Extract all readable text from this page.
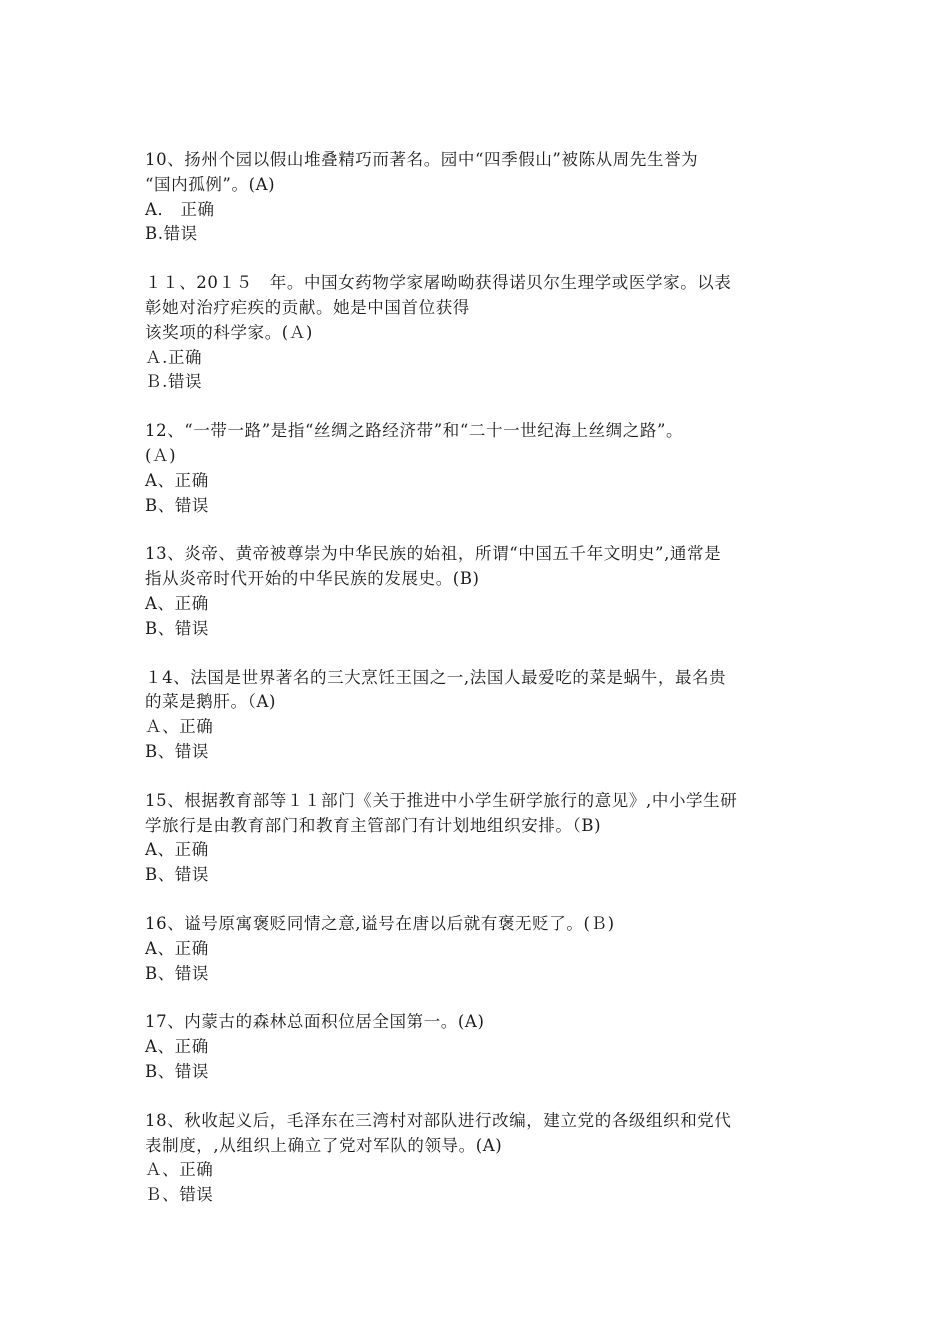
10、扬州个园以假山堆叠精巧而著名。园中“四季假山”被陈从周先生誉为
“国内孤例”。(A)
A． 正确
B.错误
１１、20１５　年。中国女药物学家屠呦呦获得诺贝尔生理学或医学家。以表
彰她对治疗疟疾的贡献。她是中国首位获得
该奖项的科学家。(Ａ)
Ａ.正确
Ｂ.错误
12、“一带一路”是指“丝绸之路经济带”和“二十一世纪海上丝绸之路”。
(Ａ)
A、正确
B、错误
13、炎帝、黄帝被尊崇为中华民族的始祖，所谓“中国五千年文明史”,通常是
指从炎帝时代开始的中华民族的发展史。(B)
A、正确
B、错误
１4、法国是世界著名的三大烹饪王国之一,法国人最爱吃的菜是蜗牛，最名贵
的菜是鹅肝。（A)
Ａ、正确
B、错误
15、根据教育部等１１部门《关于推进中小学生研学旅行的意见》,中小学生研
学旅行是由教育部门和教育主管部门有计划地组织安排。（B)
A、正确
B、错误
16、谥号原寓褒贬同情之意,谥号在唐以后就有褒无贬了。(Ｂ)
A、正确
B、错误
17、内蒙古的森林总面积位居全国第一。(A)
A、正确
B、错误
18、秋收起义后，毛泽东在三湾村对部队进行改编，建立党的各级组织和党代
表制度，,从组织上确立了党对军队的领导。(A)
Ａ、正确
Ｂ、错误
